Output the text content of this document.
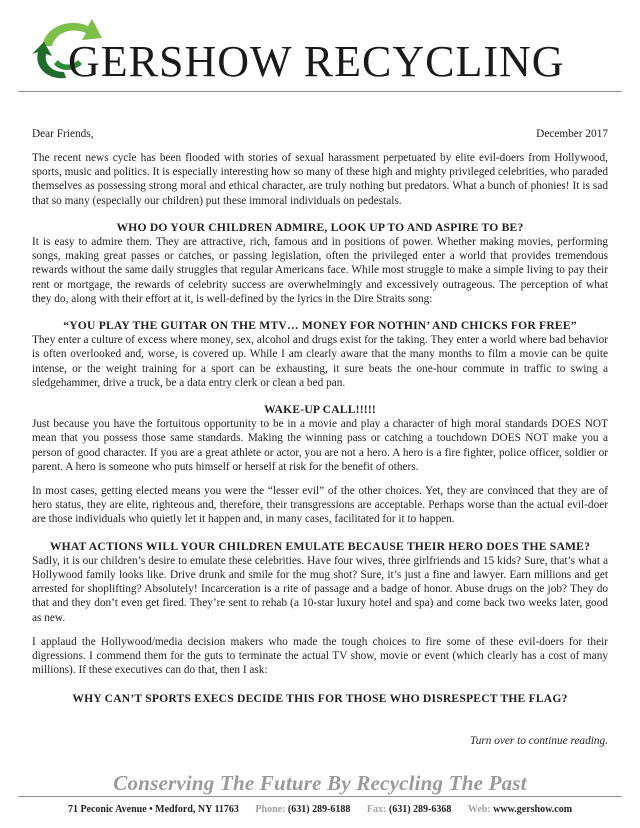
GERSHOW RECYCLING
Dear Friends,	December 2017

The recent news cycle has been flooded with stories of sexual harassment perpetuated by elite evil-doers from Hollywood, sports, music and politics. It is especially interesting how so many of these high and mighty privileged celebrities, who paraded themselves as possessing strong moral and ethical character, are truly nothing but predators. What a bunch of phonies! It is sad that so many (especially our children) put these immoral individuals on pedestals.

WHO DO YOUR CHILDREN ADMIRE, LOOK UP TO AND ASPIRE TO BE?

It is easy to admire them. They are attractive, rich, famous and in positions of power. Whether making movies, performing songs, making great passes or catches, or passing legislation, often the privileged enter a world that provides tremendous rewards without the same daily struggles that regular Americans face. While most struggle to make a simple living to pay their rent or mortgage, the rewards of celebrity success are overwhelmingly and excessively outrageous. The perception of what they do, along with their effort at it, is well-defined by the lyrics in the Dire Straits song:

“YOU PLAY THE GUITAR ON THE MTV… MONEY FOR NOTHIN’ AND CHICKS FOR FREE”

They enter a culture of excess where money, sex, alcohol and drugs exist for the taking. They enter a world where bad behavior is often overlooked and, worse, is covered up. While I am clearly aware that the many months to film a movie can be quite intense, or the weight training for a sport can be exhausting, it sure beats the one-hour commute in traffic to swing a sledgehammer, drive a truck, be a data entry clerk or clean a bed pan.

WAKE-UP CALL!!!!!

Just because you have the fortuitous opportunity to be in a movie and play a character of high moral standards DOES NOT mean that you possess those same standards. Making the winning pass or catching a touchdown DOES NOT make you a person of good character. If you are a great athlete or actor, you are not a hero. A hero is a fire fighter, police officer, soldier or parent. A hero is someone who puts himself or herself at risk for the benefit of others.

In most cases, getting elected means you were the “lesser evil” of the other choices. Yet, they are convinced that they are of hero status, they are elite, righteous and, therefore, their transgressions are acceptable. Perhaps worse than the actual evil-doer are those individuals who quietly let it happen and, in many cases, facilitated for it to happen.

WHAT ACTIONS WILL YOUR CHILDREN EMULATE BECAUSE THEIR HERO DOES THE SAME?

Sadly, it is our children’s desire to emulate these celebrities. Have four wives, three girlfriends and 15 kids? Sure, that’s what a Hollywood family looks like. Drive drunk and smile for the mug shot? Sure, it’s just a fine and lawyer. Earn millions and get arrested for shoplifting? Absolutely! Incarceration is a rite of passage and a badge of honor. Abuse drugs on the job? They do that and they don’t even get fired. They’re sent to rehab (a 10-star luxury hotel and spa) and come back two weeks later, good as new.

I applaud the Hollywood/media decision makers who made the tough choices to fire some of these evil-doers for their digressions. I commend them for the guts to terminate the actual TV show, movie or event (which clearly has a cost of many millions). If these executives can do that, then I ask:

WHY CAN’T SPORTS EXECS DECIDE THIS FOR THOSE WHO DISRESPECT THE FLAG?
Turn over to continue reading.
Conserving The Future By Recycling The Past
71 Peconic Avenue • Medford, NY 11763 Phone: (631) 289-6188 Fax: (631) 289-6368 Web: www.gershow.com
